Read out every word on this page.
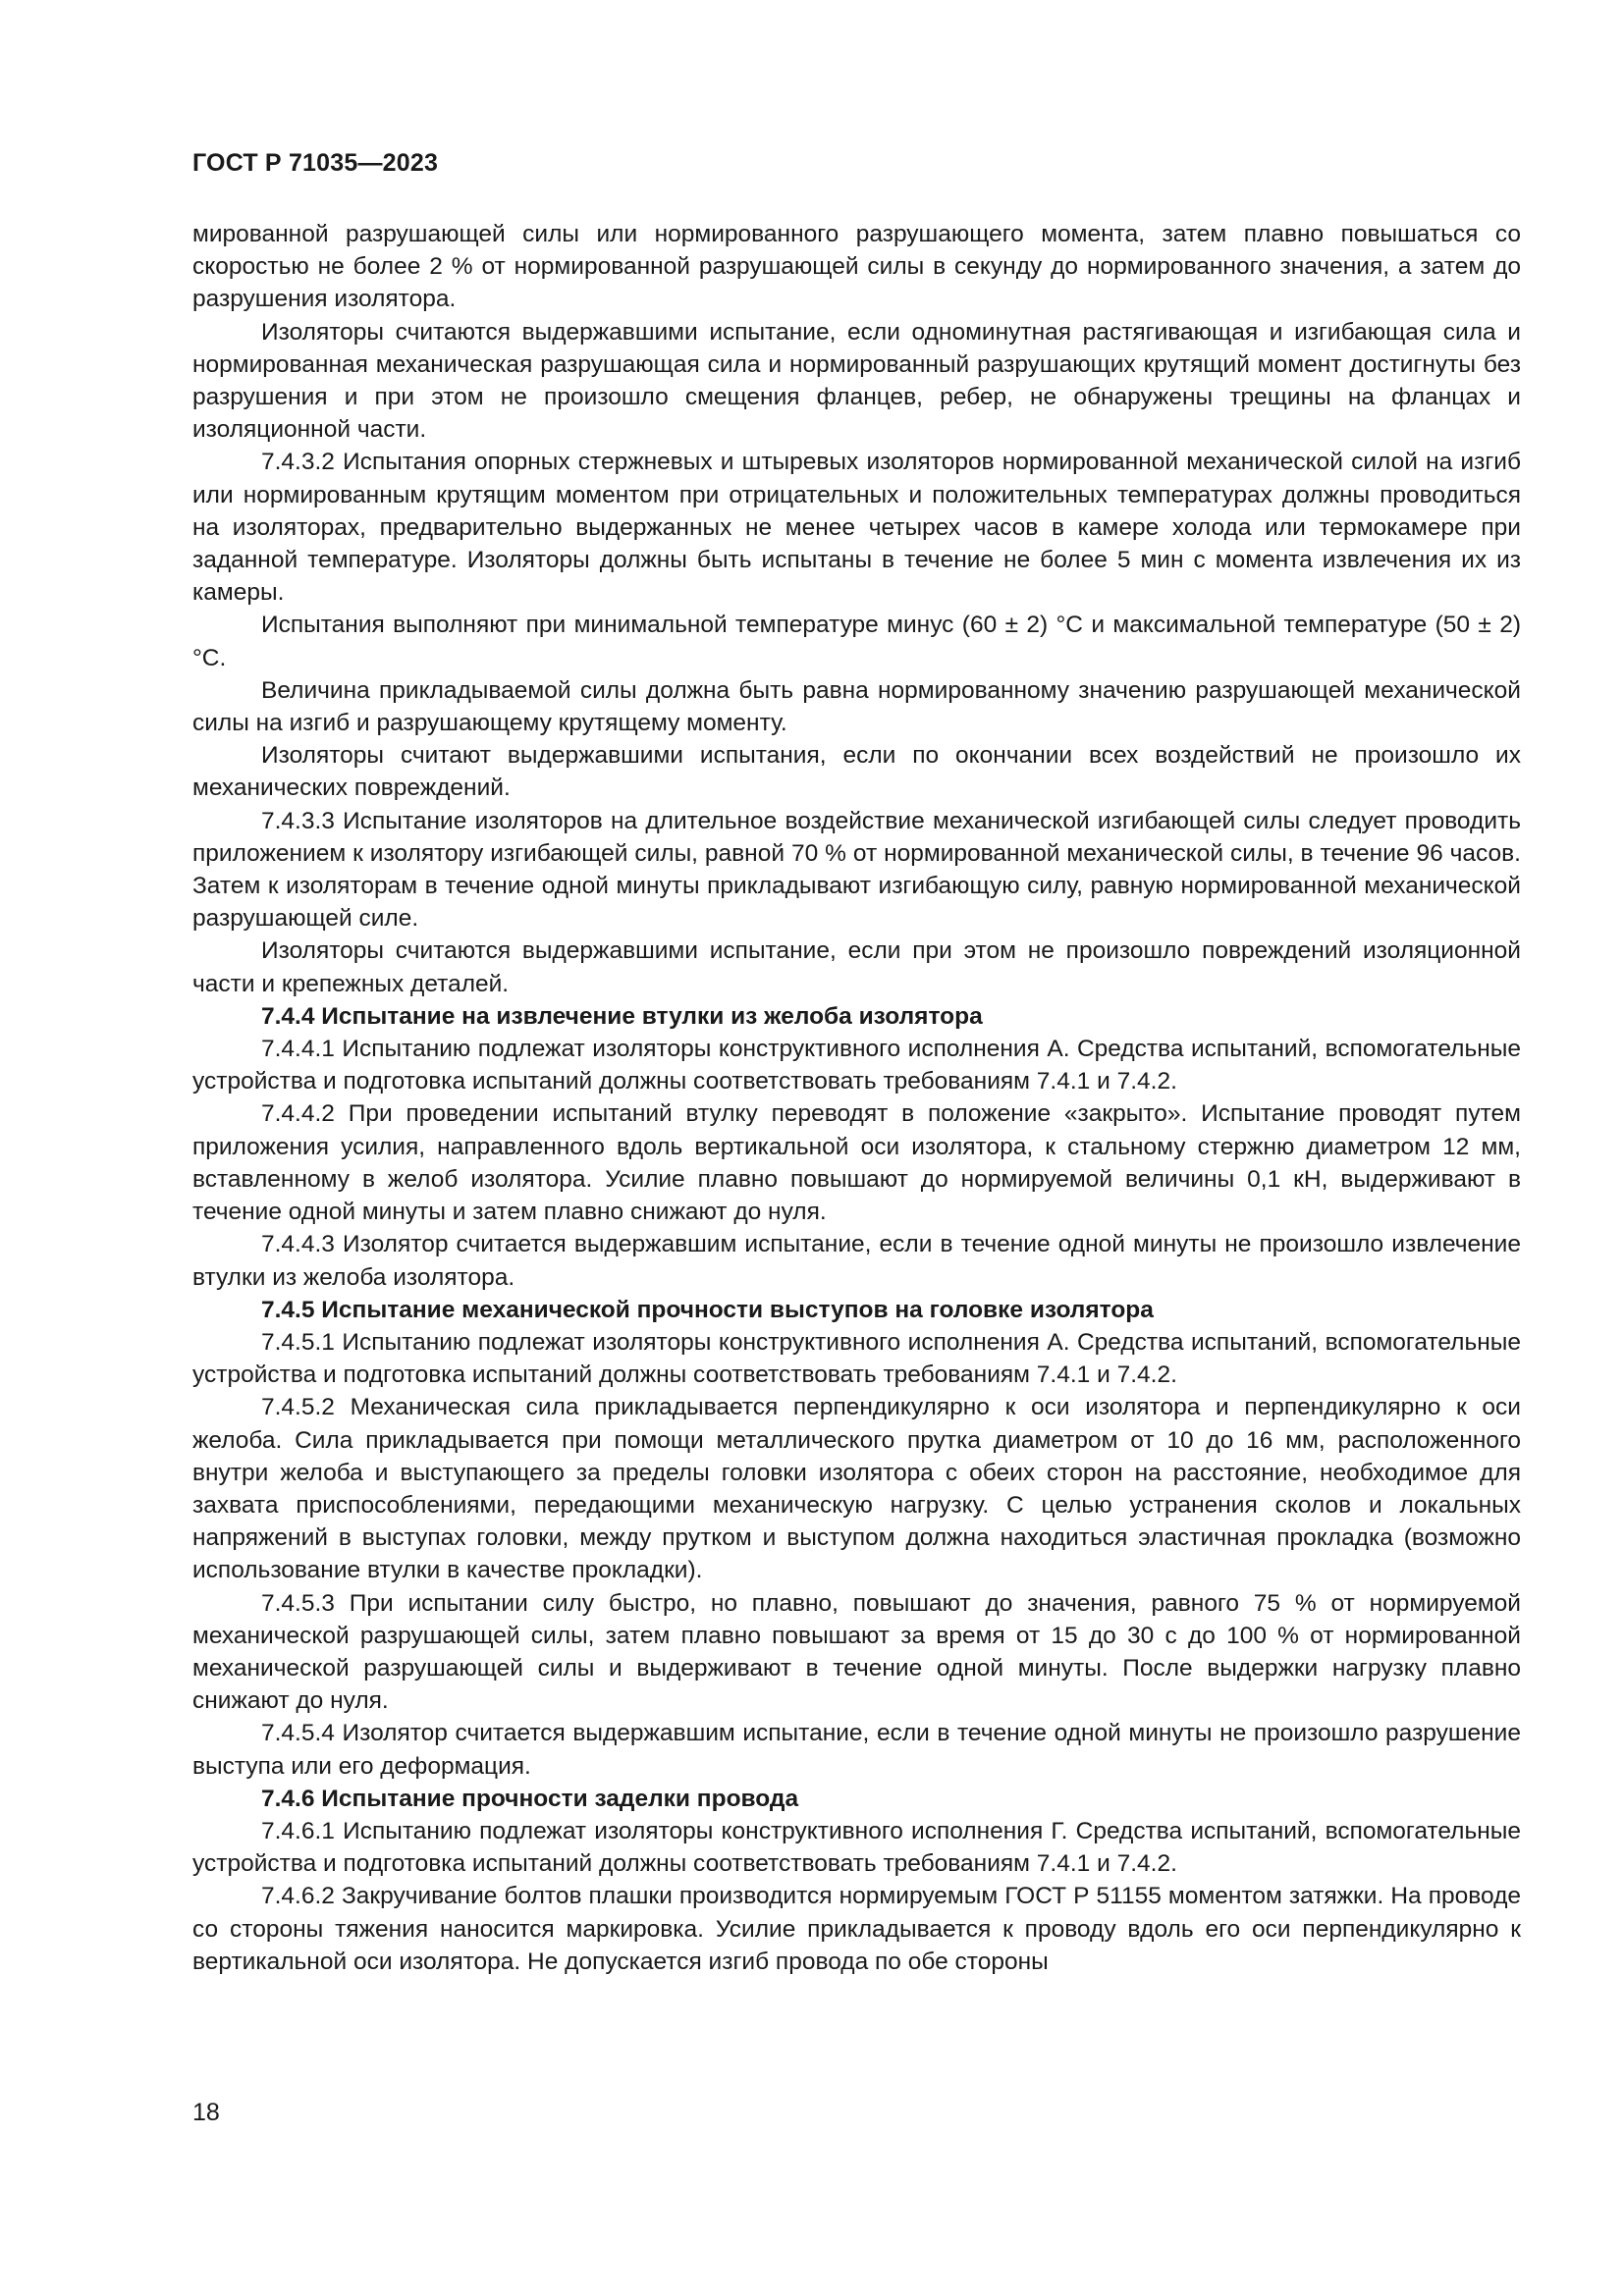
ГОСТ Р 71035—2023

мированной разрушающей силы или нормированного разрушающего момента, затем плавно повышаться со скоростью не более 2 % от нормированной разрушающей силы в секунду до нормированного значения, а затем до разрушения изолятора.

Изоляторы считаются выдержавшими испытание, если одноминутная растягивающая и изгибающая сила и нормированная механическая разрушающая сила и нормированный разрушающих крутящий момент достигнуты без разрушения и при этом не произошло смещения фланцев, ребер, не обнаружены трещины на фланцах и изоляционной части.

7.4.3.2 Испытания опорных стержневых и штыревых изоляторов нормированной механической силой на изгиб или нормированным крутящим моментом при отрицательных и положительных температурах должны проводиться на изоляторах, предварительно выдержанных не менее четырех часов в камере холода или термокамере при заданной температуре. Изоляторы должны быть испытаны в течение не более 5 мин с момента извлечения их из камеры.

Испытания выполняют при минимальной температуре минус (60 ± 2) °С и максимальной температуре (50 ± 2) °С.

Величина прикладываемой силы должна быть равна нормированному значению разрушающей механической силы на изгиб и разрушающему крутящему моменту.

Изоляторы считают выдержавшими испытания, если по окончании всех воздействий не произошло их механических повреждений.

7.4.3.3 Испытание изоляторов на длительное воздействие механической изгибающей силы следует проводить приложением к изолятору изгибающей силы, равной 70 % от нормированной механической силы, в течение 96 часов. Затем к изоляторам в течение одной минуты прикладывают изгибающую силу, равную нормированной механической разрушающей силе.

Изоляторы считаются выдержавшими испытание, если при этом не произошло повреждений изоляционной части и крепежных деталей.

7.4.4 Испытание на извлечение втулки из желоба изолятора

7.4.4.1 Испытанию подлежат изоляторы конструктивного исполнения А. Средства испытаний, вспомогательные устройства и подготовка испытаний должны соответствовать требованиям 7.4.1 и 7.4.2.

7.4.4.2 При проведении испытаний втулку переводят в положение «закрыто». Испытание проводят путем приложения усилия, направленного вдоль вертикальной оси изолятора, к стальному стержню диаметром 12 мм, вставленному в желоб изолятора. Усилие плавно повышают до нормируемой величины 0,1 кН, выдерживают в течение одной минуты и затем плавно снижают до нуля.

7.4.4.3 Изолятор считается выдержавшим испытание, если в течение одной минуты не произошло извлечение втулки из желоба изолятора.

7.4.5 Испытание механической прочности выступов на головке изолятора

7.4.5.1 Испытанию подлежат изоляторы конструктивного исполнения А. Средства испытаний, вспомогательные устройства и подготовка испытаний должны соответствовать требованиям 7.4.1 и 7.4.2.

7.4.5.2 Механическая сила прикладывается перпендикулярно к оси изолятора и перпендикулярно к оси желоба. Сила прикладывается при помощи металлического прутка диаметром от 10 до 16 мм, расположенного внутри желоба и выступающего за пределы головки изолятора с обеих сторон на расстояние, необходимое для захвата приспособлениями, передающими механическую нагрузку. С целью устранения сколов и локальных напряжений в выступах головки, между прутком и выступом должна находиться эластичная прокладка (возможно использование втулки в качестве прокладки).

7.4.5.3 При испытании силу быстро, но плавно, повышают до значения, равного 75 % от нормируемой механической разрушающей силы, затем плавно повышают за время от 15 до 30 с до 100 % от нормированной механической разрушающей силы и выдерживают в течение одной минуты. После выдержки нагрузку плавно снижают до нуля.

7.4.5.4 Изолятор считается выдержавшим испытание, если в течение одной минуты не произошло разрушение выступа или его деформация.

7.4.6 Испытание прочности заделки провода

7.4.6.1 Испытанию подлежат изоляторы конструктивного исполнения Г. Средства испытаний, вспомогательные устройства и подготовка испытаний должны соответствовать требованиям 7.4.1 и 7.4.2.

7.4.6.2 Закручивание болтов плашки производится нормируемым ГОСТ Р 51155 моментом затяжки. На проводе со стороны тяжения наносится маркировка. Усилие прикладывается к проводу вдоль его оси перпендикулярно к вертикальной оси изолятора. Не допускается изгиб провода по обе стороны

18
